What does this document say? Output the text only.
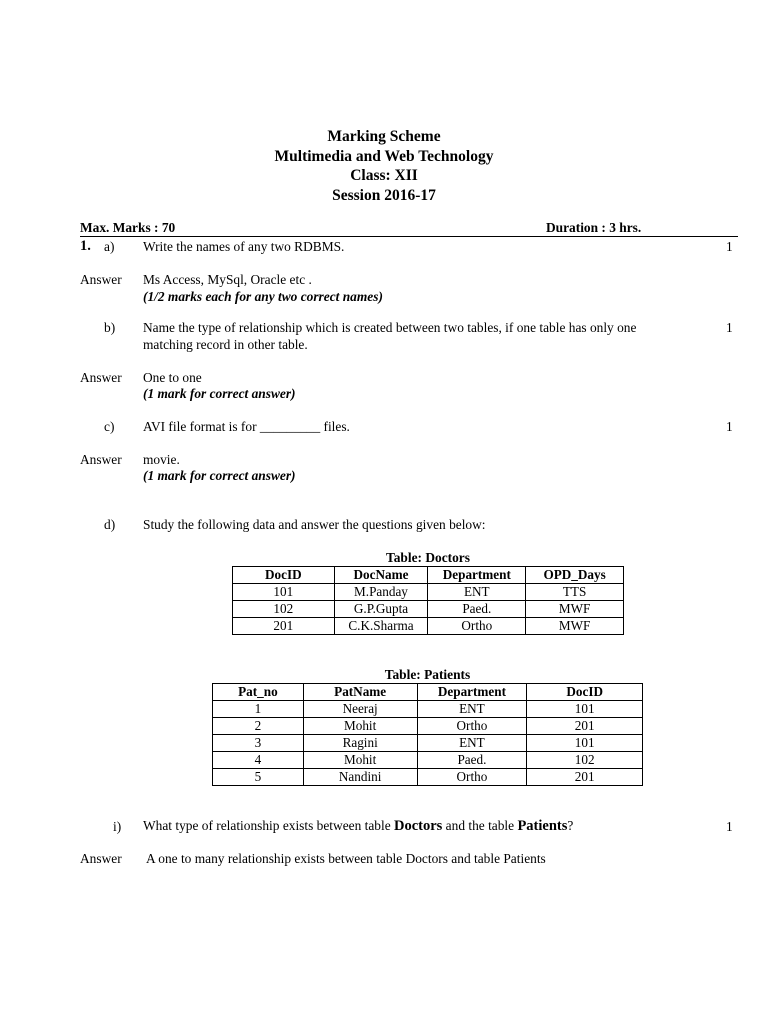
Marking Scheme
Multimedia and Web Technology
Class: XII
Session 2016-17
Max. Marks : 70	Duration : 3 hrs.
1. a) Write the names of any two RDBMS.	1
Answer Ms Access, MySql, Oracle etc .
(1/2 marks each for any two correct names)
b) Name the type of relationship which is created between two tables, if one table has only one
matching record in other table.
1
Answer One to one
(1 mark for correct answer)
c) AVI file format is for _________ files.	1
Answer movie.
(1 mark for correct answer)
d) Study the following data and answer the questions given below:
Table: Doctors
DocID	DocName	Department	OPD_Days
101	M.Panday	ENT	TTS
102	G.P.Gupta	Paed.	MWF
201	C.K.Sharma	Ortho	MWF
Table: Patients
Pat_no	PatName	Department	DocID
1	Neeraj	ENT	101
2	Mohit	Ortho	201
3	Ragini	ENT	101
4	Mohit	Paed.	102
5	Nandini	Ortho	201
i) What type of relationship exists between table Doctors and the table Patients?	1
Answer A one to many relationship exists between table Doctors and table Patients
